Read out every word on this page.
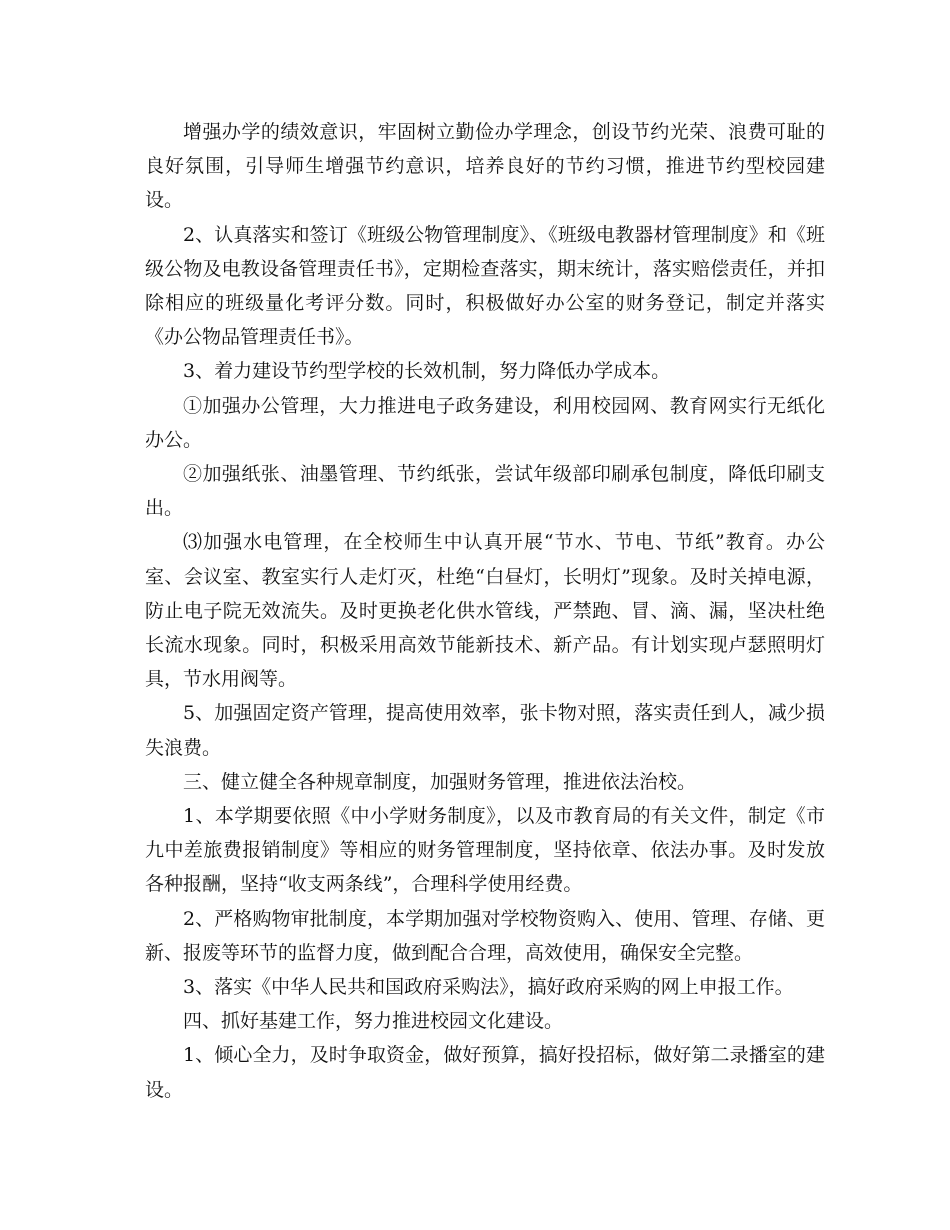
增强办学的绩效意识，牢固树立勤俭办学理念，创设节约光荣、浪费可耻的良好氛围，引导师生增强节约意识，培养良好的节约习惯，推进节约型校园建设。

2、认真落实和签订《班级公物管理制度》、《班级电教器材管理制度》和《班级公物及电教设备管理责任书》，定期检查落实，期末统计，落实赔偿责任，并扣除相应的班级量化考评分数。同时，积极做好办公室的财务登记，制定并落实《办公物品管理责任书》。

3、着力建设节约型学校的长效机制，努力降低办学成本。

①加强办公管理，大力推进电子政务建设，利用校园网、教育网实行无纸化办公。

②加强纸张、油墨管理、节约纸张，尝试年级部印刷承包制度，降低印刷支出。

⑶加强水电管理，在全校师生中认真开展“节水、节电、节纸”教育。办公室、会议室、教室实行人走灯灭，杜绝“白昼灯，长明灯”现象。及时关掉电源，防止电子院无效流失。及时更换老化供水管线，严禁跑、冒、滴、漏，坚决杜绝长流水现象。同时，积极采用高效节能新技术、新产品。有计划实现卢瑟照明灯具，节水用阀等。

5、加强固定资产管理，提高使用效率，张卡物对照，落实责任到人，减少损失浪费。

三、健立健全各种规章制度，加强财务管理，推进依法治校。

1、本学期要依照《中小学财务制度》，以及市教育局的有关文件，制定《市九中差旅费报销制度》等相应的财务管理制度，坚持依章、依法办事。及时发放各种报酬，坚持“收支两条线”，合理科学使用经费。

2、严格购物审批制度，本学期加强对学校物资购入、使用、管理、存储、更新、报废等环节的监督力度，做到配合合理，高效使用，确保安全完整。

3、落实《中华人民共和国政府采购法》，搞好政府采购的网上申报工作。

四、抓好基建工作，努力推进校园文化建设。

1、倾心全力，及时争取资金，做好预算，搞好投招标，做好第二录播室的建设。
